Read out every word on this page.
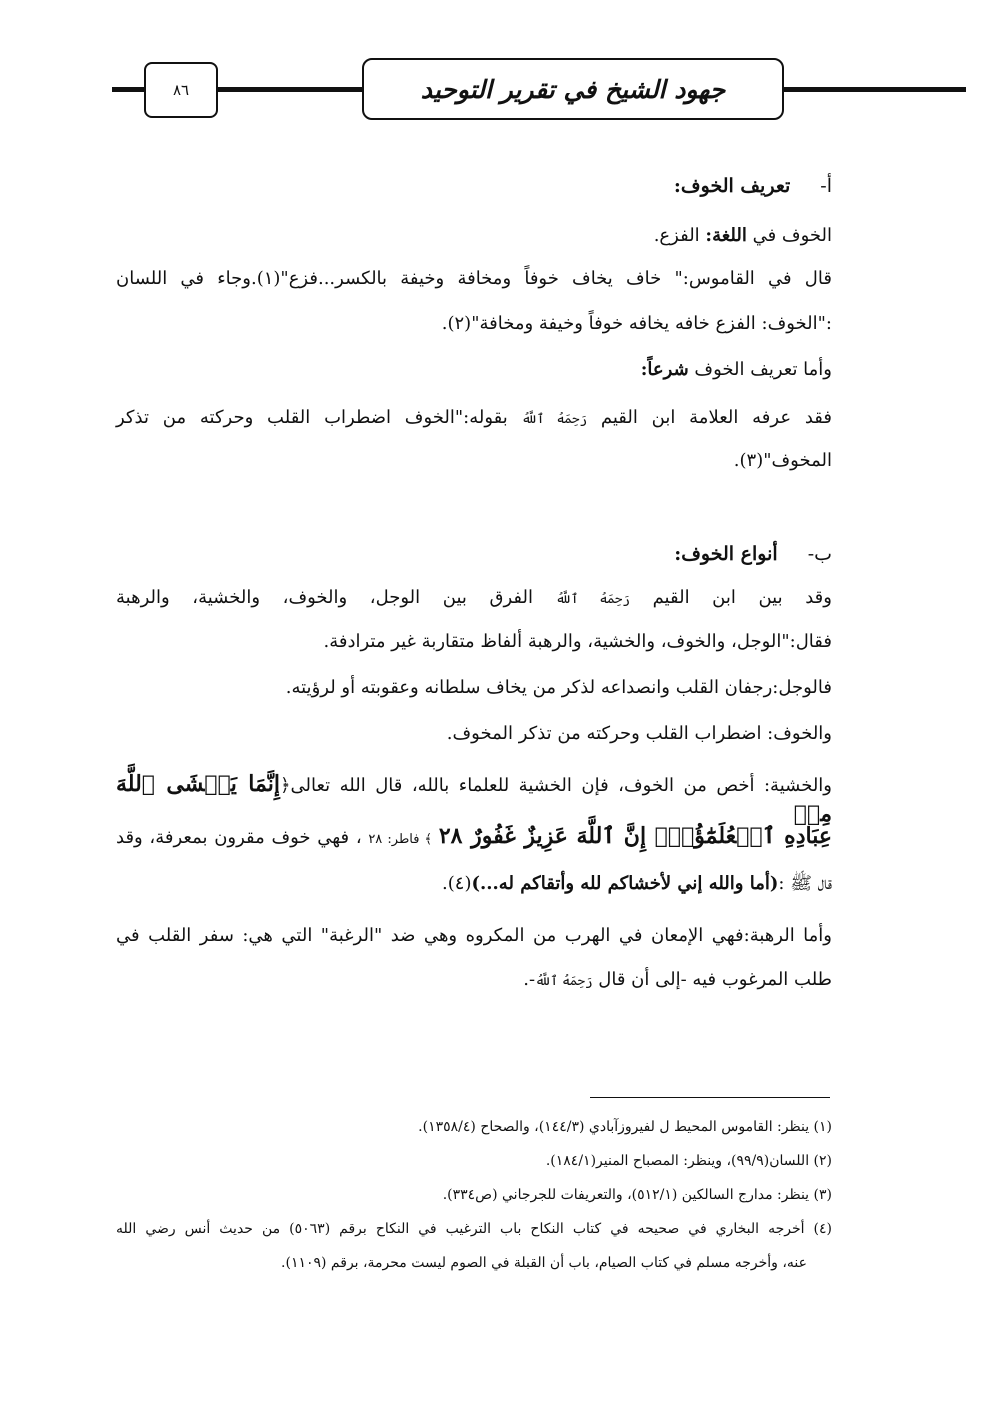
٨٦	جهود الشيخ في تقرير التوحيد
أ-تعريف الخوف:
الخوف في اللغة: الفزع.
قال في القاموس:" خاف يخاف خوفاً ومخافة وخيفة بالكسر...فزع"(١).وجاء في اللسان
:"الخوف: الفزع خافه يخافه خوفاً وخيفة ومخافة"(٢).
وأما تعريف الخوف شرعاً:
فقد عرفه العلامة ابن القيم رَحِمَهُ ٱللَّهُ بقوله:"الخوف اضطراب القلب وحركته من تذكر
المخوف"(٣).
ب-أنواع الخوف:
وقد بين ابن القيم رَحِمَهُ ٱللَّهُ الفرق بين الوجل، والخوف، والخشية، والرهبة
فقال:"الوجل، والخوف، والخشية، والرهبة ألفاظ متقاربة غير مترادفة.
فالوجل:رجفان القلب وانصداعه لذكر من يخاف سلطانه وعقوبته أو لرؤيته.
والخوف: اضطراب القلب وحركته من تذكر المخوف.
والخشية: أخص من الخوف، فإن الخشية للعلماء بالله، قال الله تعالى﴿إِنَّمَا يَخۡشَى ٱللَّهَ مِنۡ
عِبَادِهِ ٱلۡعُلَمَٰٓؤُاْۗ إِنَّ ٱللَّهَ عَزِيزٌ غَفُورٌ ٢٨ ﴾ فاطر: ٢٨ ، فهي خوف مقرون بمعرفة، وقد
قال ﷺ :(أما والله إني لأخشاكم لله وأتقاكم له...)(٤).
وأما الرهبة:فهي الإمعان في الهرب من المكروه وهي ضد "الرغبة" التي هي: سفر القلب في
طلب المرغوب فيه -إلى أن قال رَحِمَهُ ٱللَّهُ-.
(١) ينظر: القاموس المحيط ل لفيروزآبادي (١٤٤/٣)، والصحاح (١٣٥٨/٤).
(٢) اللسان(٩٩/٩)، وينظر: المصباح المنير(١٨٤/١).
(٣) ينظر: مدارج السالكين (٥١٢/١)، والتعريفات للجرجاني (ص٣٣٤).
(٤) أخرجه البخاري في صحيحه في كتاب النكاح باب الترغيب في النكاح برقم (٥٠٦٣) من حديث أنس رضي الله
عنه، وأخرجه مسلم في كتاب الصيام، باب أن القبلة في الصوم ليست محرمة، برقم (١١٠٩).
